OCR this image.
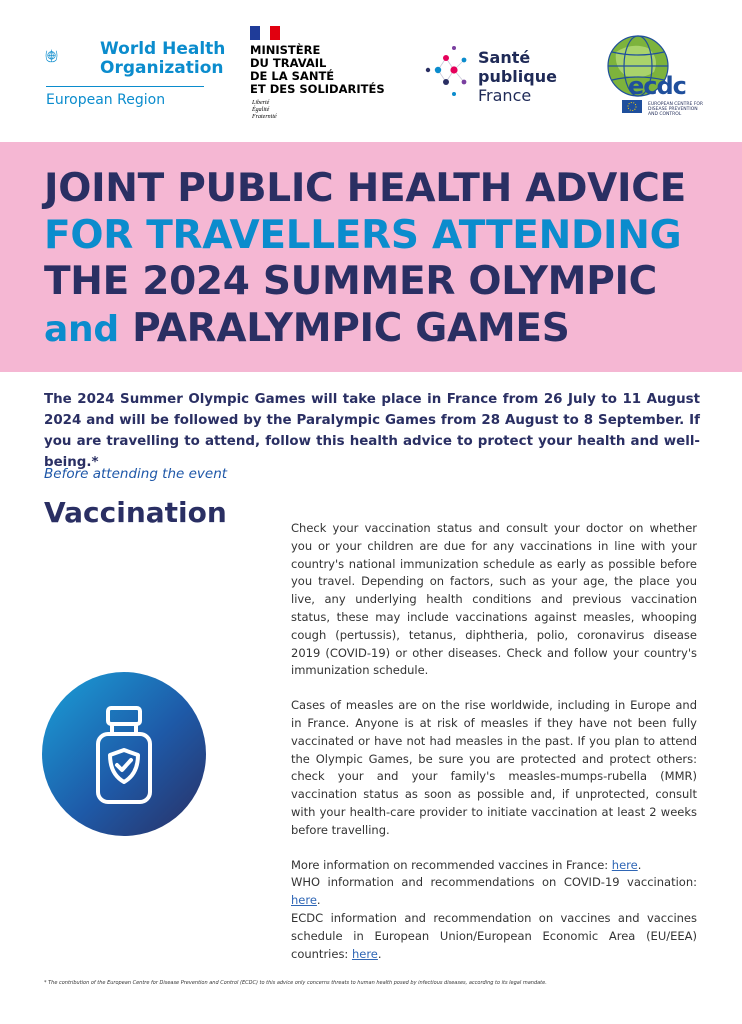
World Health
Organization
European Region
MINISTÈRE
DU TRAVAIL
DE LA SANTÉ
ET DES SOLIDARITÉS
Liberté
Égalité
Fraternité
Santé
publique
France	ecdc
EUROPEAN CENTRE FOR
DISEASE PREVENTION
AND CONTROL
JOINT PUBLIC HEALTH ADVICE
FOR TRAVELLERS ATTENDING
THE 2024 SUMMER OLYMPIC
and PARALYMPIC GAMES
The 2024 Summer Olympic Games will take place in France from 26 July to 11 August 2024 and will be followed by the Paralympic Games from 28 August to 8 September. If you are travelling to attend, follow this health advice to protect your health and well-being.*
Before attending the event
Vaccination	Check your vaccination status and consult your doctor on whether you or your children are due for any vaccinations in line with your country's national immunization schedule as early as possible before you travel. Depending on factors, such as your age, the place you live, any underlying health conditions and previous vaccination status, these may include vaccinations against measles, whooping cough (pertussis), tetanus, diphtheria, polio, coronavirus disease 2019 (COVID-19) or other diseases. Check and follow your country's immunization schedule.

Cases of measles are on the rise worldwide, including in Europe and in France. Anyone is at risk of measles if they have not been fully vaccinated or have not had measles in the past. If you plan to attend the Olympic Games, be sure you are protected and protect others: check your and your family's measles-mumps-rubella (MMR) vaccination status as soon as possible and, if unprotected, consult with your health-care provider to initiate vaccination at least 2 weeks before travelling.

More information on recommended vaccines in France: here.

WHO information and recommendations on COVID-19 vaccination: here.

ECDC information and recommendation on vaccines and vaccines schedule in European Union/European Economic Area (EU/EEA) countries: here.

* The contribution of the European Centre for Disease Prevention and Control (ECDC) to this advice only concerns threats to human health posed by infectious diseases, according to its legal mandate.
